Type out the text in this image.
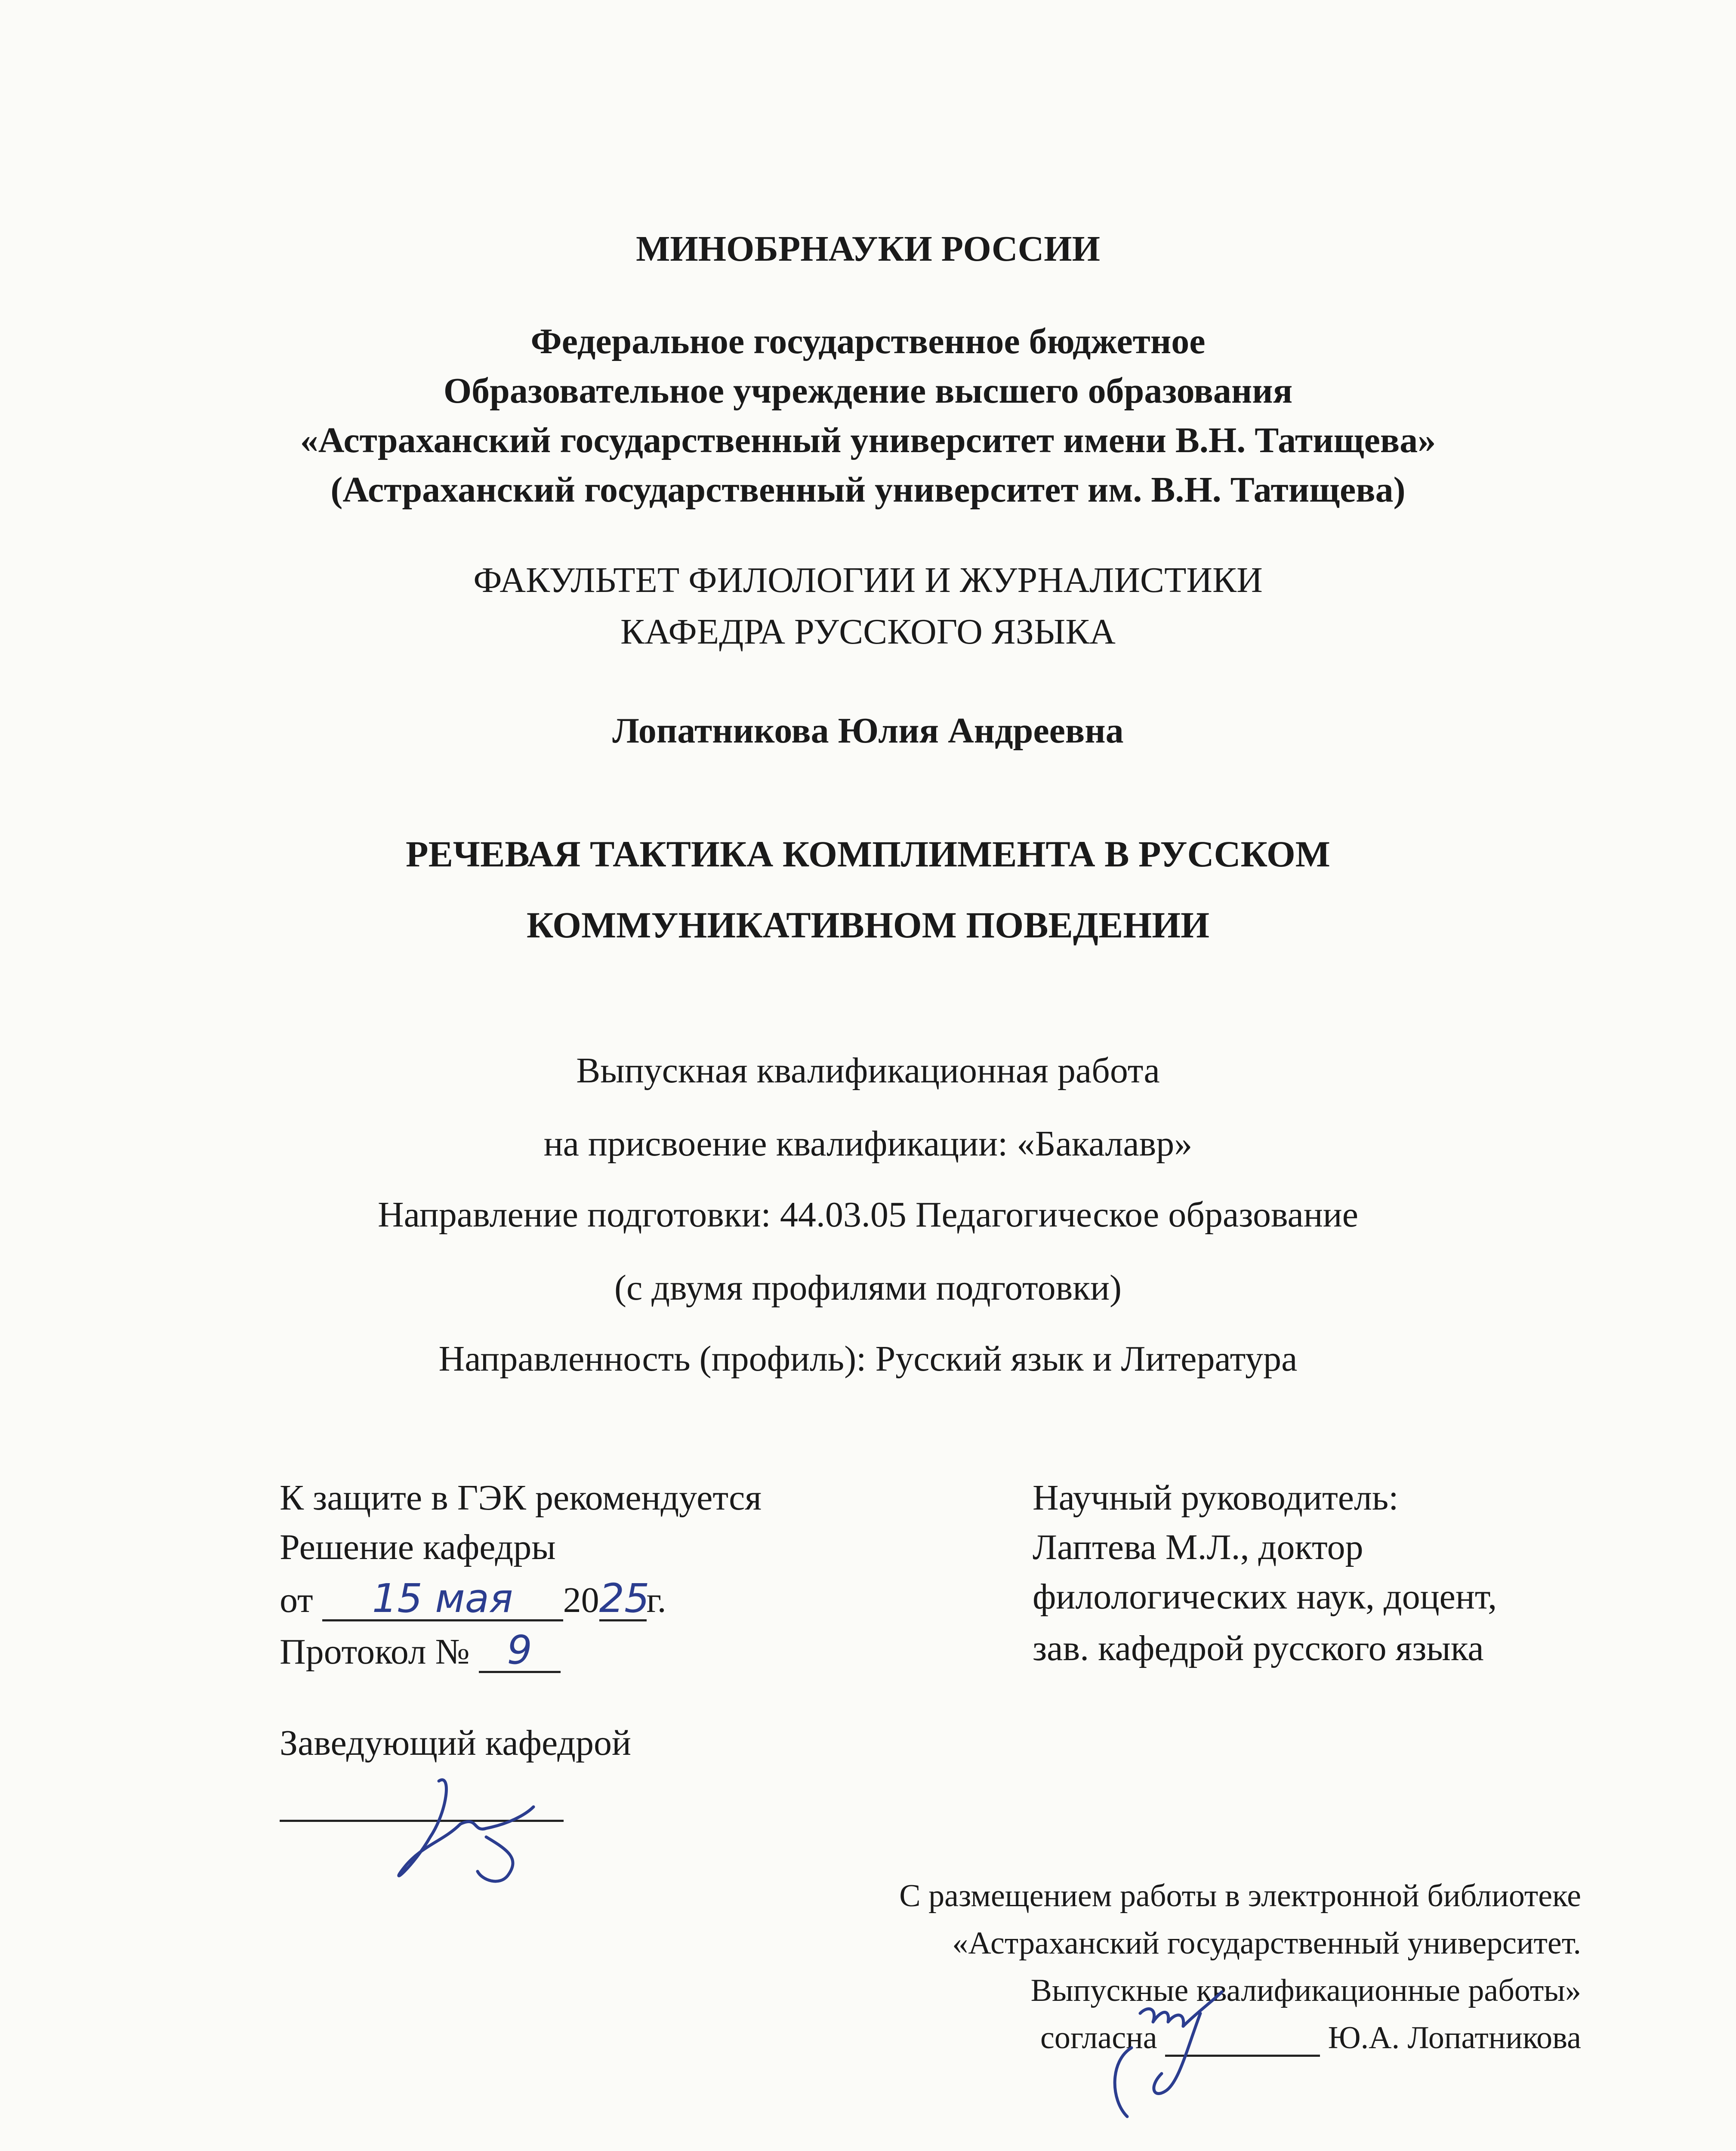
МИНОБРНАУКИ РОССИИ
Федеральное государственное бюджетное
Образовательное учреждение высшего образования
«Астраханский государственный университет имени В.Н. Татищева»
(Астраханский государственный университет им. В.Н. Татищева)
ФАКУЛЬТЕТ ФИЛОЛОГИИ И ЖУРНАЛИСТИКИ
КАФЕДРА РУССКОГО ЯЗЫКА
Лопатникова Юлия Андреевна
РЕЧЕВАЯ ТАКТИКА КОМПЛИМЕНТА В РУССКОМ
КОММУНИКАТИВНОМ ПОВЕДЕНИИ
Выпускная квалификационная работа
на присвоение квалификации: «Бакалавр»
Направление подготовки: 44.03.05 Педагогическое образование
(с двумя профилями подготовки)
Направленность (профиль): Русский язык и Литература
К защите в ГЭК рекомендуется
Решение кафедры
от 15 мая 2025г.
Протокол № 9
Заведующий кафедрой
Научный руководитель:
Лаптева М.Л., доктор
филологических наук, доцент,
зав. кафедрой русского языка
С размещением работы в электронной библиотеке
«Астраханский государственный университет.
Выпускные квалификационные работы»
согласна	Ю.А. Лопатникова
